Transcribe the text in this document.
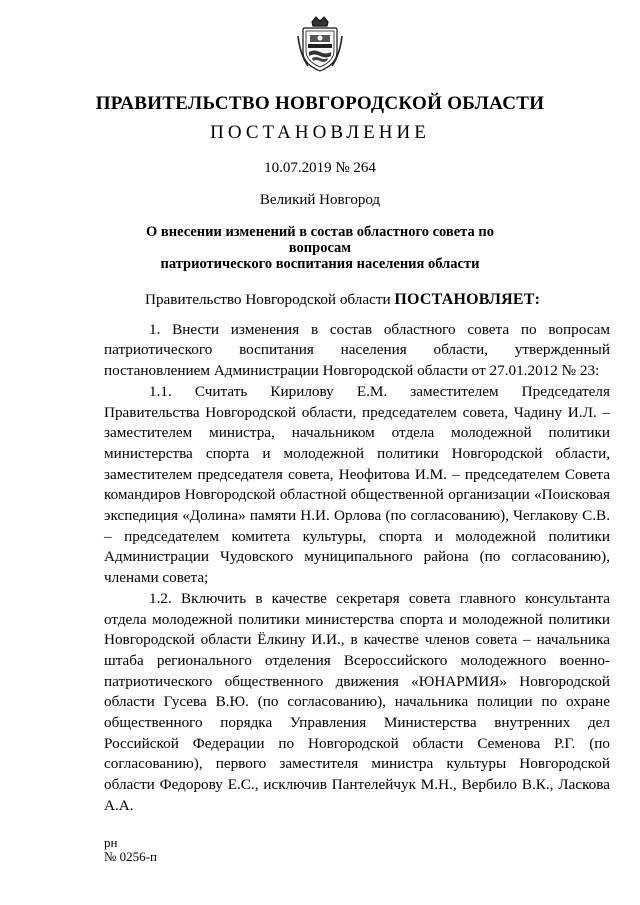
ПРАВИТЕЛЬСТВО НОВГОРОДСКОЙ ОБЛАСТИ
ПОСТАНОВЛЕНИЕ
10.07.2019 № 264
Великий Новгород
О внесении изменений в состав областного совета по вопросам
патриотического воспитания населения области

Правительство Новгородской области ПОСТАНОВЛЯЕТ:

1. Внести изменения в состав областного совета по вопросам патриотического воспитания населения области, утвержденный постановлением Администрации Новгородской области от 27.01.2012 № 23:

1.1. Считать Кирилову Е.М. заместителем Председателя Правительства Новгородской области, председателем совета, Чадину И.Л. – заместителем министра, начальником отдела молодежной политики министерства спорта и молодежной политики Новгородской области, заместителем председателя совета, Неофитова И.М. – председателем Совета командиров Новгородской областной общественной организации «Поисковая экспедиция «Долина» памяти Н.И. Орлова (по согласованию), Чеглакову С.В. – председателем комитета культуры, спорта и молодежной политики Администрации Чудовского муниципального района (по согласованию), членами совета;

1.2. Включить в качестве секретаря совета главного консультанта отдела молодежной политики министерства спорта и молодежной политики Новгородской области Ёлкину И.И., в качестве членов совета – начальника штаба регионального отделения Всероссийского молодежного военно-патриотического общественного движения «ЮНАРМИЯ» Новгородской области Гусева В.Ю. (по согласованию), начальника полиции по охране общественного порядка Управления Министерства внутренних дел Российской Федерации по Новгородской области Семенова Р.Г. (по согласованию), первого заместителя министра культуры Новгородской области Федорову Е.С., исключив Пантелейчук М.Н., Вербило В.К., Ласкова А.А.

рн
№ 0256-п
